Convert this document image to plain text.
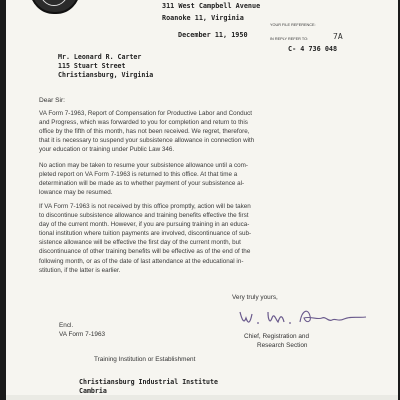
311 West Campbell Avenue
Roanoke 11, Virginia
December 11, 1950
YOUR FILE REFERENCE:
IN REPLY REFER TO:	7A
C- 4 736 048
Mr. Leonard R. Carter
115 Stuart Street
Christiansburg, Virginia
Dear Sir:
VA Form 7-1963, Report of Compensation for Productive Labor and Conduct
and Progress, which was forwarded to you for completion and return to this
office by the fifth of this month, has not been received. We regret, therefore,
that it is necessary to suspend your subsistence allowance in connection with
your education or training under Public Law 346.
No action may be taken to resume your subsistence allowance until a com-
pleted report on VA Form 7-1963 is returned to this office. At that time a
determination will be made as to whether payment of your subsistence al-
lowance may be resumed.
If VA Form 7-1963 is not received by this office promptly, action will be taken
to discontinue subsistence allowance and training benefits effective the first
day of the current month. However, if you are pursuing training in an educa-
tional institution where tuition payments are involved, discontinuance of sub-
sistence allowance will be effective the first day of the current month, but
discontinuance of other training benefits will be effective as of the end of the
following month, or as of the date of last attendance at the educational in-
stitution, if the latter is earlier.
Very truly yours,
Chief, Registration and
Research Section
Encl.
VA Form 7-1963
Training Institution or Establishment
Christiansburg Industrial Institute
Cambria
